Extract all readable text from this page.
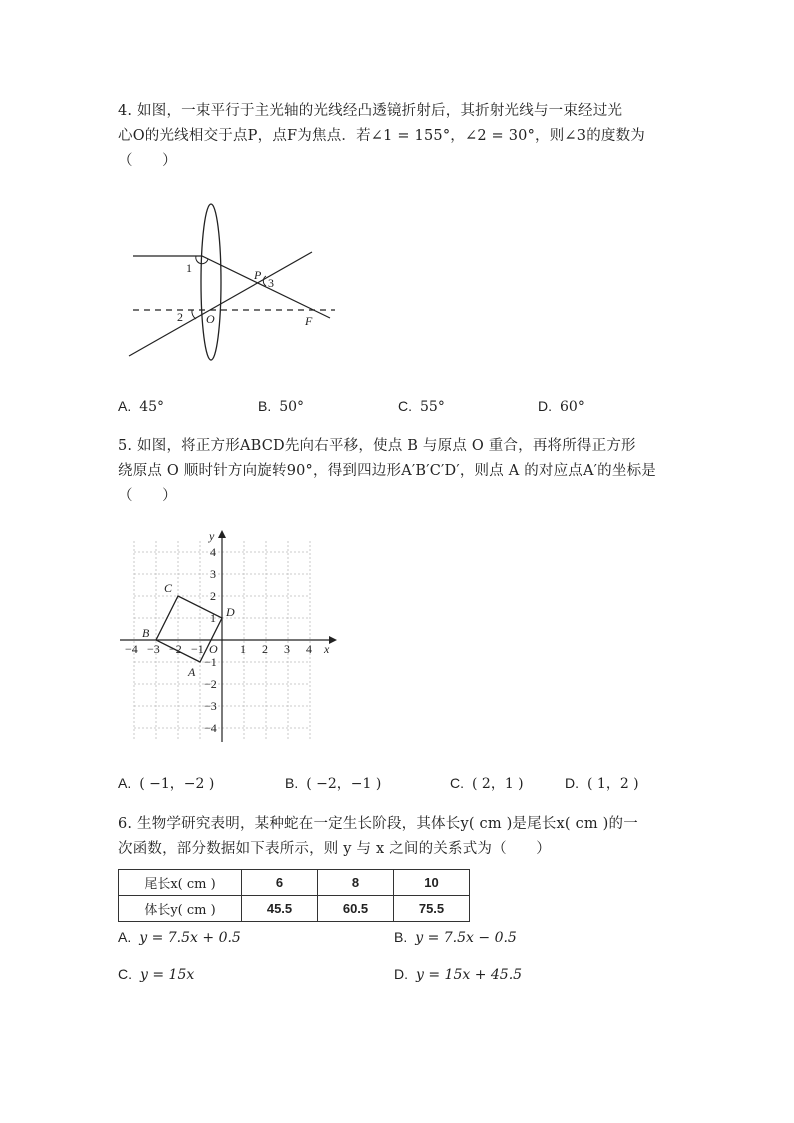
4. 如图，一束平行于主光轴的光线经凸透镜折射后，其折射光线与一束经过光
心O的光线相交于点P，点F为焦点．若∠1 = 155°，∠2 = 30°，则∠3的度数为
（　　）
1
2
3
P
O	F
A. 45°	B. 50°	C. 55°	D. 60°
5. 如图，将正方形ABCD先向右平移，使点 B 与原点 O 重合，再将所得正方形
绕原点 O 顺时针方向旋转90°，得到四边形A′B′C′D′，则点 A 的对应点A′的坐标是
（　　）
x
y
−4 −3 −2 −1	1 2 3 4
4
3
2
1
−1
−2
−3
−4
O
A
B
C
D
A. ( −1，−2 )	B. ( −2，−1 )	C. ( 2，1 )	D. ( 1，2 )
6. 生物学研究表明，某种蛇在一定生长阶段，其体长y( cm )是尾长x( cm )的一
次函数，部分数据如下表所示，则 y 与 x 之间的关系式为（　　）
尾长x( cm )	6	8	10
体长y( cm )	45.5	60.5	75.5
A. y = 7.5x + 0.5	B. y = 7.5x − 0.5
C. y = 15x	D. y = 15x + 45.5
